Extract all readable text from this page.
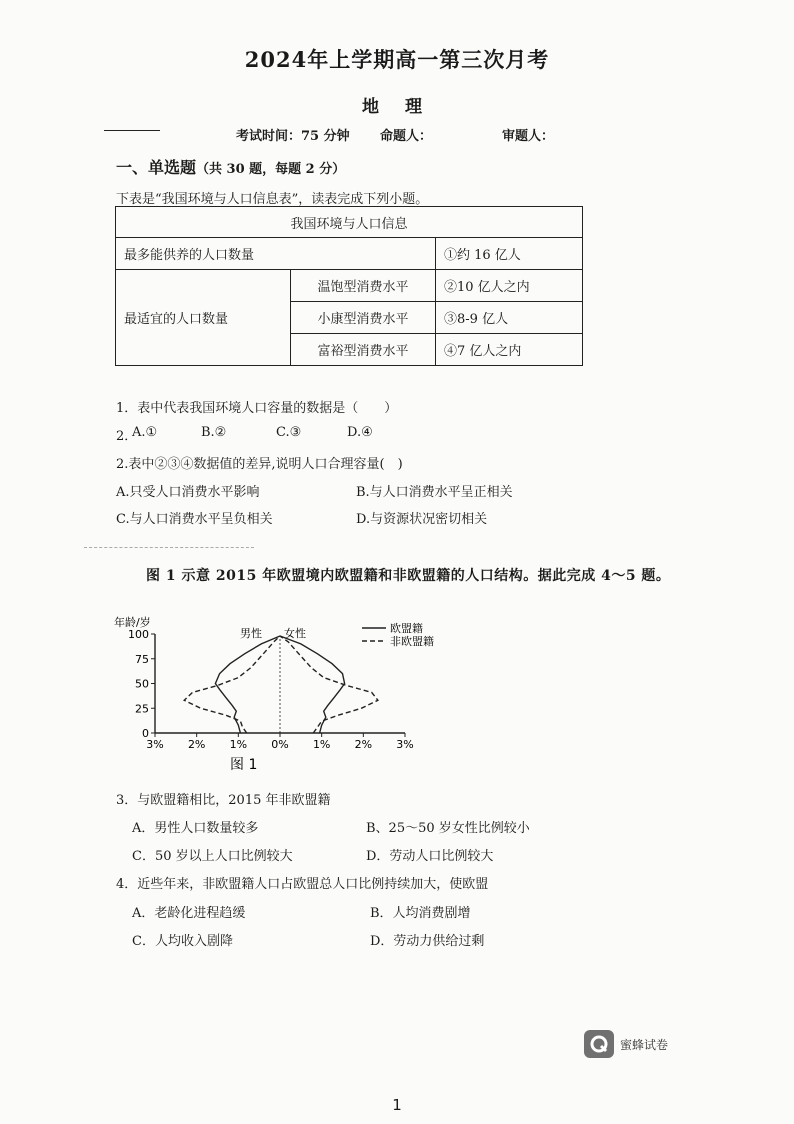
2024年上学期高一第三次月考
地 理
考试时间：75 分钟 命题人：	审题人：
一、单选题（共 30 题，每题 2 分）
下表是“我国环境与人口信息表”，读表完成下列小题。
我国环境与人口信息		
最多能供养的人口数量		①约 16 亿人
最适宜的人口数量	温饱型消费水平	②10 亿人之内
	小康型消费水平	③8-9 亿人
	富裕型消费水平	④7 亿人之内
1．表中代表我国环境人口容量的数据是（　　）
2．
A.①	B.②	C.③	D.④
2.表中②③④数据值的差异,说明人口合理容量(　)
A.只受人口消费水平影响	B.与人口消费水平呈正相关
C.与人口消费水平呈负相关	D.与资源状况密切相关
图 1 示意 2015 年欧盟境内欧盟籍和非欧盟籍的人口结构。据此完成 4～5 题。
3% 2% 1% 0% 1% 2% 3%
0
25
50
75
100
年龄/岁
男性 女性	欧盟籍
非欧盟籍
图 1
3．与欧盟籍相比，2015 年非欧盟籍
A．男性人口数量较多	B、25～50 岁女性比例较小
C．50 岁以上人口比例较大	D．劳动人口比例较大
4．近些年来，非欧盟籍人口占欧盟总人口比例持续加大，使欧盟
A．老龄化进程趋缓	B．人均消费剧增
C．人均收入剧降	D．劳动力供给过剩
蜜蜂试卷
1
